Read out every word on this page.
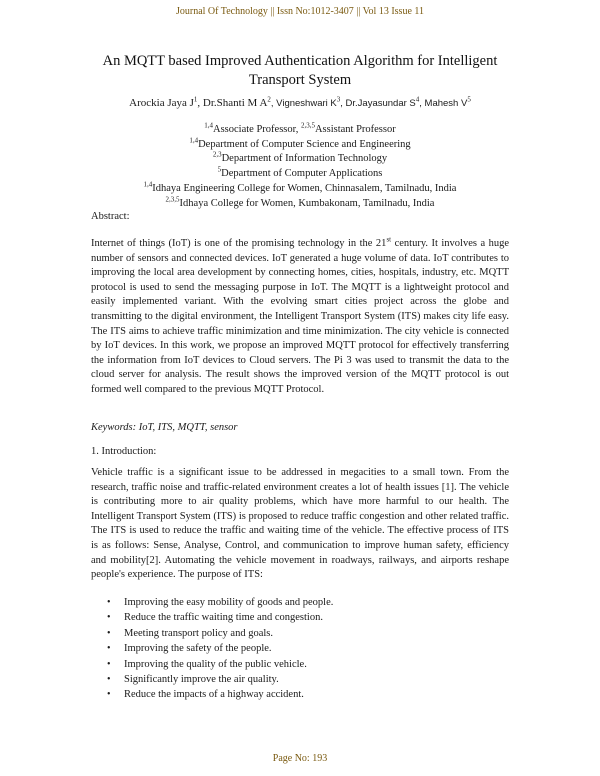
Journal Of Technology || Issn No:1012-3407 || Vol 13 Issue 11
An MQTT based Improved Authentication Algorithm for Intelligent Transport System
Arockia Jaya $J^1$, Dr.Shanti M $A^2$, Vigneshwari $K^3$, Dr.Jayasundar $S^4$, Mahesh $V^5$
$^{1,4}$Associate Professor, $^{2,3,5}$Assistant Professor
$^{1,4}$Department of Computer Science and Engineering
$^{2,3}$Department of Information Technology
$^5$Department of Computer Applications
$^{1,4}$Idhaya Engineering College for Women, Chinnasalem, Tamilnadu, India
$^{2,3,5}$Idhaya College for Women, Kumbakonam, Tamilnadu, India
Abstract:

Internet of things (IoT) is one of the promising technology in the 21st century. It involves a huge number of sensors and connected devices. IoT generated a huge volume of data. IoT contributes to improving the local area development by connecting homes, cities, hospitals, industry, etc. MQTT protocol is used to send the messaging purpose in IoT. The MQTT is a lightweight protocol and easily implemented variant. With the evolving smart cities project across the globe and transmitting to the digital environment, the Intelligent Transport System (ITS) makes city life easy. The ITS aims to achieve traffic minimization and time minimization. The city vehicle is connected by IoT devices. In this work, we propose an improved MQTT protocol for effectively transferring the information from IoT devices to Cloud servers. The Pi 3 was used to transmit the data to the cloud server for analysis. The result shows the improved version of the MQTT protocol is out formed well compared to the previous MQTT Protocol.

Keywords: IoT, ITS, MQTT, sensor
1. Introduction:

Vehicle traffic is a significant issue to be addressed in megacities to a small town. From the research, traffic noise and traffic-related environment creates a lot of health issues [1]. The vehicle is contributing more to air quality problems, which have more harmful to our health. The Intelligent Transport System (ITS) is proposed to reduce traffic congestion and other related traffic. The ITS is used to reduce the traffic and waiting time of the vehicle. The effective process of ITS is as follows: Sense, Analyse, Control, and communication to improve human safety, efficiency and mobility[2]. Automating the vehicle movement in roadways, railways, and airports reshape people's experience. The purpose of ITS:

• Improving the easy mobility of goods and people.
• Reduce the traffic waiting time and congestion.
• Meeting transport policy and goals.
• Improving the safety of the people.
• Improving the quality of the public vehicle.
• Significantly improve the air quality.
• Reduce the impacts of a highway accident.
Page No: 193
